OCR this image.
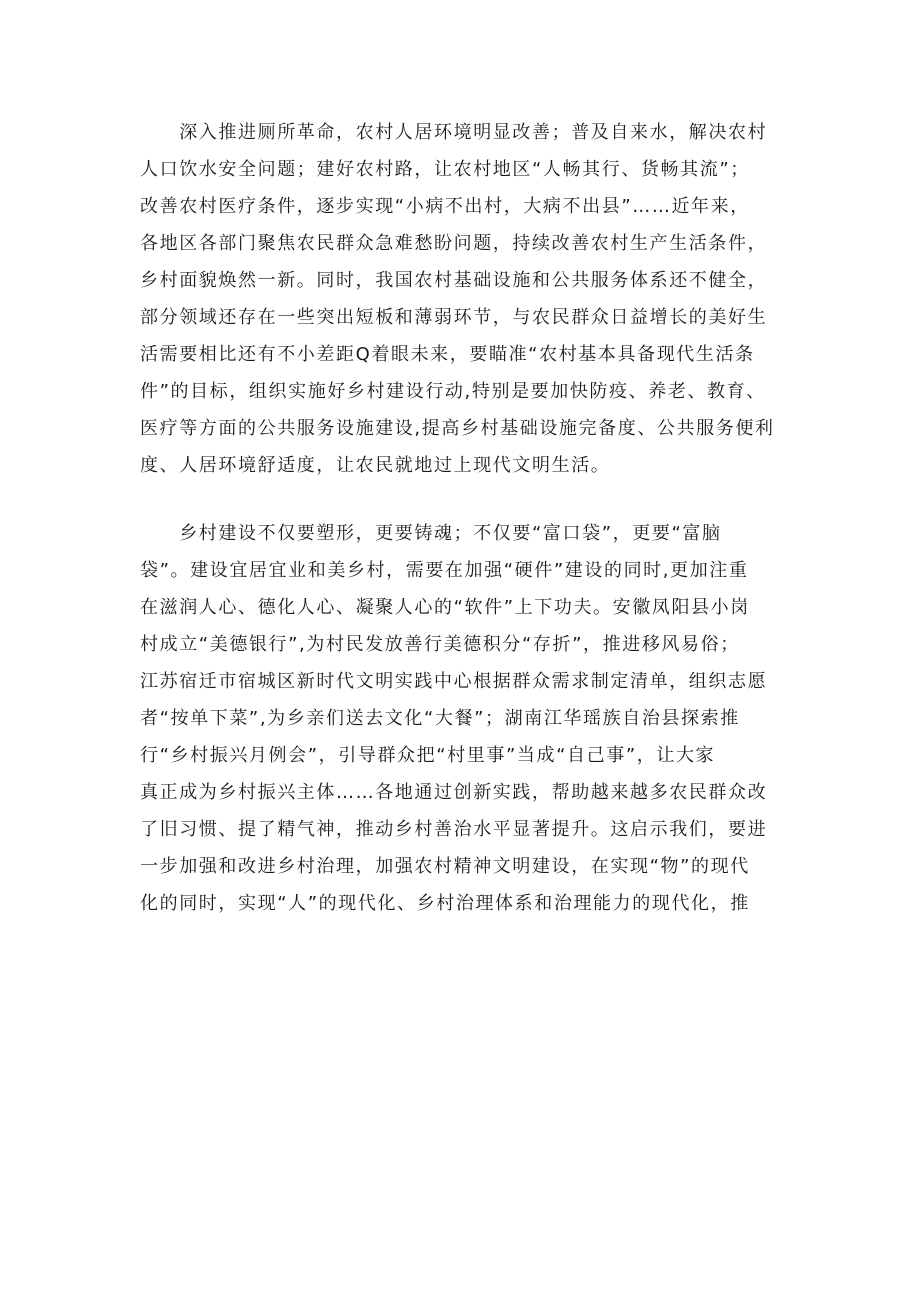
　　深入推进厕所革命，农村人居环境明显改善；普及自来水，解决农村
人口饮水安全问题；建好农村路，让农村地区“人畅其行、货畅其流”；
改善农村医疗条件，逐步实现“小病不出村，大病不出县”……近年来，
各地区各部门聚焦农民群众急难愁盼问题，持续改善农村生产生活条件，
乡村面貌焕然一新。同时，我国农村基础设施和公共服务体系还不健全，
部分领域还存在一些突出短板和薄弱环节，与农民群众日益增长的美好生
活需要相比还有不小差距Q着眼未来，要瞄准“农村基本具备现代生活条
件”的目标，组织实施好乡村建设行动,特别是要加快防疫、养老、教育、
医疗等方面的公共服务设施建设,提高乡村基础设施完备度、公共服务便利
度、人居环境舒适度，让农民就地过上现代文明生活。

　　乡村建设不仅要塑形，更要铸魂；不仅要“富口袋”，更要“富脑
袋”。建设宜居宜业和美乡村，需要在加强“硬件”建设的同时,更加注重
在滋润人心、德化人心、凝聚人心的“软件”上下功夫。安徽凤阳县小岗
村成立“美德银行”,为村民发放善行美德积分“存折”，推进移风易俗；
江苏宿迁市宿城区新时代文明实践中心根据群众需求制定清单，组织志愿
者“按单下菜”,为乡亲们送去文化“大餐”；湖南江华瑶族自治县探索推
行“乡村振兴月例会”，引导群众把“村里事”当成“自己事”，让大家
真正成为乡村振兴主体……各地通过创新实践，帮助越来越多农民群众改
了旧习惯、提了精气神，推动乡村善治水平显著提升。这启示我们，要进
一步加强和改进乡村治理，加强农村精神文明建设，在实现“物”的现代
化的同时，实现“人”的现代化、乡村治理体系和治理能力的现代化，推
